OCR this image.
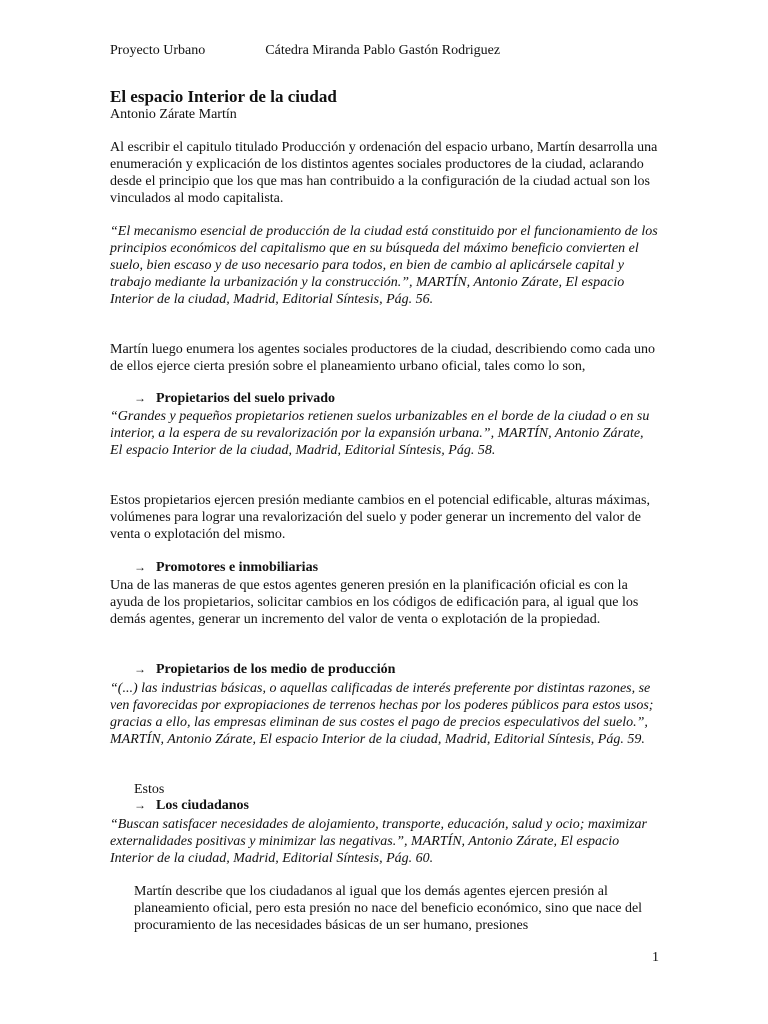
Proyecto Urbano	Cátedra Miranda Pablo Gastón Rodriguez
El espacio Interior de la ciudad
Antonio Zárate Martín
Al escribir el capitulo titulado Producción y ordenación del espacio urbano, Martín desarrolla una enumeración y explicación de los distintos agentes sociales productores de la ciudad, aclarando desde el principio que los que mas han contribuido a la configuración de la ciudad actual son los vinculados al modo capitalista.
“El mecanismo esencial de producción de la ciudad está constituido por el funcionamiento de los principios económicos del capitalismo que en su búsqueda del máximo beneficio convierten el suelo, bien escaso y de uso necesario para todos, en bien de cambio al aplicársele capital y trabajo mediante la urbanización y la construcción.”, MARTÍN, Antonio Zárate, El espacio Interior de la ciudad, Madrid, Editorial Síntesis, Pág. 56.
Martín luego enumera los agentes sociales productores de la ciudad, describiendo como cada uno de ellos ejerce cierta presión sobre el planeamiento urbano oficial, tales como lo son,
→ Propietarios del suelo privado
“Grandes y pequeños propietarios retienen suelos urbanizables en el borde de la ciudad o en su interior, a la espera de su revalorización por la expansión urbana.”, MARTÍN, Antonio Zárate, El espacio Interior de la ciudad, Madrid, Editorial Síntesis, Pág. 58.
Estos propietarios ejercen presión mediante cambios en el potencial edificable, alturas máximas, volúmenes para lograr una revalorización del suelo y poder generar un incremento del valor de venta o explotación del mismo.
→ Promotores e inmobiliarias
Una de las maneras de que estos agentes generen presión en la planificación oficial es con la ayuda de los propietarios, solicitar cambios en los códigos de edificación para, al igual que los demás agentes, generar un incremento del valor de venta o explotación de la propiedad.
→ Propietarios de los medio de producción
“(...) las industrias básicas, o aquellas calificadas de interés preferente por distintas razones, se ven favorecidas por expropiaciones de terrenos hechas por los poderes públicos para estos usos; gracias a ello, las empresas eliminan de sus costes el pago de precios especulativos del suelo.”, MARTÍN, Antonio Zárate, El espacio Interior de la ciudad, Madrid, Editorial Síntesis, Pág. 59.
Estos
→ Los ciudadanos
“Buscan satisfacer necesidades de alojamiento, transporte, educación, salud y ocio; maximizar externalidades positivas y minimizar las negativas.”, MARTÍN, Antonio Zárate, El espacio Interior de la ciudad, Madrid, Editorial Síntesis, Pág. 60.
Martín describe que los ciudadanos al igual que los demás agentes ejercen presión al planeamiento oficial, pero esta presión no nace del beneficio económico, sino que nace del procuramiento de las necesidades básicas de un ser humano, presiones
1
